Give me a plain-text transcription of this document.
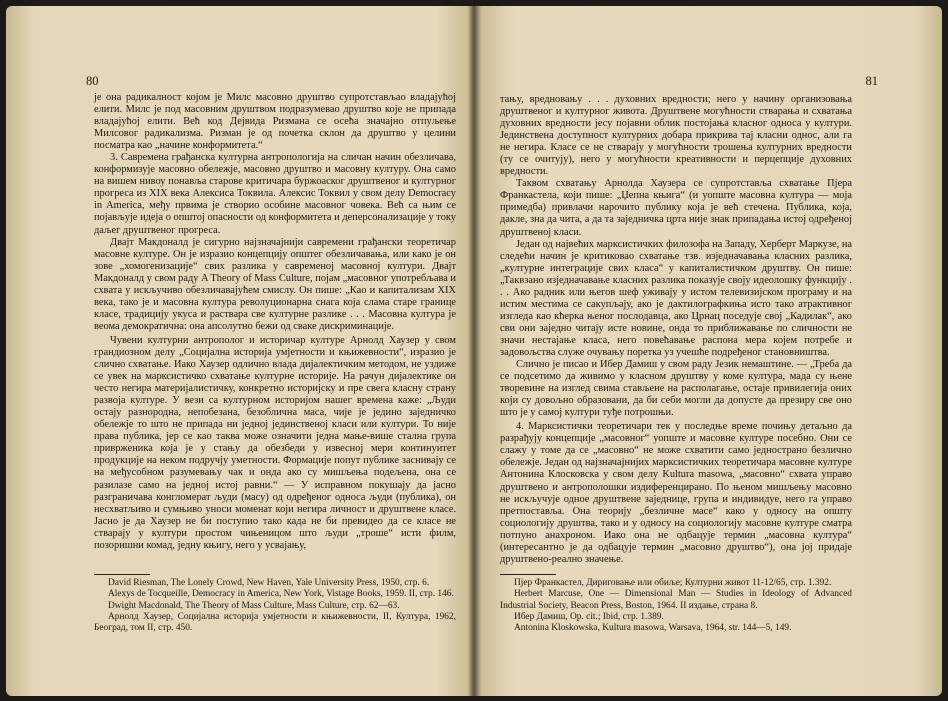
80

је она радикалност којом је Милс масовно друштво супротстављао владајућој елити. Милс је под масовним друштвом подразумевао друштво које не припада владајућој елити. Већ код Дејвида Ризмана се осећа значајно отпуљење Милсовог радикализма. Ризман је од почетка склон да друштво у целини посматра као „начине конформитета.“

3. Савремена грађанска културна антропологија на сличан начин обезличава, конформизује масовно обележје, масовно друштво и масовну културу. Она само на вишем нивоу понавља старове критичара буржоаског друштвеног и културног прогреса из XIX века Алексиса Токвила. Алексис Токвил у свом делу Democracy in America, међу првима је створио особине масовног човека. Већ са њим се појављује идеја о општој опасности од конформитета и деперсонализације у току даљег друштвеног прогреса.

Двајт Макдоналд је сигурно најзначајнији савремени грађански теоретичар масовне културе. Он је изразио концепцију општег обезличавања, или како је он зове „хомогенизације“ свих разлика у савременој масовној култури. Двајт Макдоналд у свом раду A Theory of Mass Culture, појам „масовног употребљава и схвата у искључиво обезличавајућем смислу. Он пише: „Као и капитализам XIX века, тако је и масовна култура револуционарна снага која слама старе границе класе, традицију укуса и раствара све културне разлике . . . Масовна култура је веома демократична: она апсолутно бежи од сваке дискриминације.

Чувени културни антрополог и историчар културе Арнолд Хаузер у свом грандиозном делу „Социјална историја умјетности и књижевности“, изразио је слично схватање. Иако Хаузер одлично влада дијалектичким методом, не уздиже се увек на марксистичко схватање културне историје. На рачун дијалектике он често негира материјалистичку, конкретно историјску и пре свега класну страну развоја културе. У вези са културном историјом нашег времена каже: „Људи остају разнородна, непобезана, безоблична маса, чије је једино заједничко обележје то што не припада ни једној јединственој класи или култури. То није права публика, јер се као таква може означити једна мање-више стална група привржeника која је у стању да обезбеди у извесној мери континуитет продукције на неком подручју уметности. Формације попут публике заснивају се на међусобном разумевању чак и онда ако су мишљења подељена, она се разилазе само на једној истој равни.“ — У исправном покушају да јасно разграничава конгломерат људи (масу) од одређеног односа људи (публика), он несхватљиво и сумњиво уноси моменат који негира личност и друштвене класе. Јасно је да Хаузер не би поступио тако када не би превидео да се класе не стварају у култури простом чињеницом што људи „троше“ исти филм, позоришни комад, једну књигу, него у усвајању,

David Riesman, The Lonely Crowd, New Haven, Yale University Press, 1950, стр. 6.

Alexys de Tocqueille, Democracy in America, New York, Vistage Books, 1959. II, стр. 146.

Dwight Macdonald, The Theory of Mass Culture, Mass Culture, стр. 62—63.

Арнолд Хаузер, Социјална историја умјетности и књижевности, II, Култура, 1962, Београд, том II, стр. 450.

81

тању, вредновању . . . духовних вредности; него у начину организовања друштвеног и културног живота. Друштвене могућности стварања и схватања духовних вредности јесу појавни облик постојања класног односа у култури. Јединствена доступност културних добара прикрива тај класни однос, али га не негира. Класе се не стварају у могућности трошења културних вредности (ту се очитују), него у могућности креативности и перцепције духовних вредности.

Таквом схватању Арнолда Хаузера се супротставља схватање Пјера Франкастела, који пише: „Џепна књига“ (и уопште масовна култура — моја примедба) привлачи нарочито публику која је већ стечена. Публика, која, дакле, зна да чита, а да та заједничка црта није знак припадања истој одређеној друштвеној класи.

Један од највећих марксистичких филозофа на Западу, Херберт Маркузе, на следећи начин је критиковао схватање тзв. изједначавања класних разлика, „културне интеграције свих класа“ у капиталистичком друштву. Он пише: „Таквзано изједначавање класних разлика показује своју идеолошку функцију . . . Ако радник или његов шеф уживају у истом телевизијском програму и на истим местима се сакупљају, ако је дактилографкиња исто тако атрактивног изгледа као кћерка њеног послодавца, ако Црнац поседује свој „Кадилак“, ако сви они заједно читају исте новине, онда то приближавање по сличности не значи нестајање класа, него повећавање распона мера којем потребе и задовољства служе очувању поретка уз учешће подређеног становништва.

Слично је писао и Ибер Дамиш у свом раду Језик немаштине. — „Треба да се подсетимо да живимо у класном друштву у коме култура, мада су њене творевине на изглед свима стављене на располагање, остаје привилегија оних који су довољно образовани, да би себи могли да допусте да презиру све оно што је у самој култури туђе потрошњи.

4. Марксистички теоретичари тек у последње време почињу детаљно да разрађују концепције „масовног“ уопште и масовне културе посебно. Они се слажу у томе да се „масовно“ не може схватити само једнострано безлично обележје. Један од најзначајнијих марксистичких теоретичара масовне културе Антонина Клосковска у свом делу Kultura masowa, „масовно“ схвата управо друштвено и антрополошки издиференцирано. По њеном мишљењу масовно не искључује одное друштвене заједнице, група и индивидуе, него га управо претпоставља. Она теорију „безличне масе“ како у односу на општу социологију друштва, тако и у односу на социологију масовне културе сматра потпуно анахроном. Иако она не одбацује термин „масовна култура“ (интересантно је да одбацује термин „масовно друштво“), она јој придаје друштвено-реално значење.

Пјер Франкастел, Дириговање или обиље; Културни живот 11-12/65, стр. 1.392.

Herbert Marcuse, One — Dimensional Man — Studies in Ideology of Advanced Industrial Society, Beacon Press, Boston, 1964. II издање, страна 8.

Ибер Дамиш, Op. cit.; Ibid, стр. 1.389.

Antonina Kloskowska, Kultura masowa, Warsava, 1964, str. 144—5, 149.
